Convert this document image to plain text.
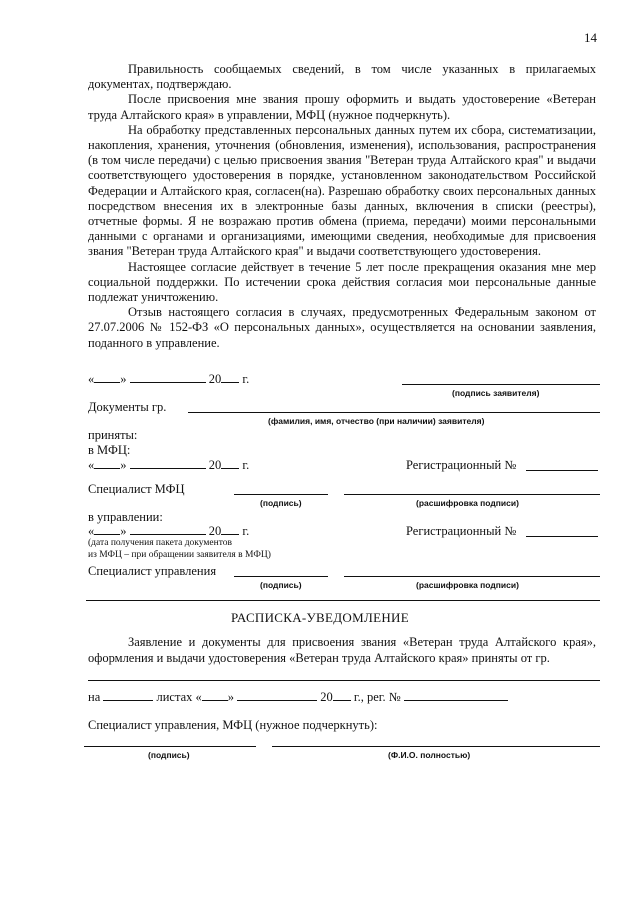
14

Правильность сообщаемых сведений, в том числе указанных в прилагаемых документах, подтверждаю.

После присвоения мне звания прошу оформить и выдать удостоверение «Ветеран труда Алтайского края» в управлении, МФЦ (нужное подчеркнуть).

На обработку представленных персональных данных путем их сбора, систематизации, накопления, хранения, уточнения (обновления, изменения), использования, распространения (в том числе передачи) с целью присвоения звания "Ветеран труда Алтайского края" и выдачи соответствующего удостоверения в порядке, установленном законодательством Российской Федерации и Алтайского края, согласен(на). Разрешаю обработку своих персональных данных посредством внесения их в электронные базы данных, включения в списки (реестры), отчетные формы. Я не возражаю против обмена (приема, передачи) моими персональными данными с органами и организациями, имеющими сведения, необходимые для присвоения звания "Ветеран труда Алтайского края" и выдачи соответствующего удостоверения.

Настоящее согласие действует в течение 5 лет после прекращения оказания мне мер социальной поддержки. По истечении срока действия согласия мои персональные данные подлежат уничтожению.

Отзыв настоящего согласия в случаях, предусмотренных Федеральным законом от 27.07.2006 № 152-ФЗ «О персональных данных», осуществляется на основании заявления, поданного в управление.

« »	20 г.
(подпись заявителя)
Документы гр.
(фамилия, имя, отчество (при наличии) заявителя)
приняты:
в МФЦ:
« »	20 г.	Регистрационный №
Специалист МФЦ
(подпись)	(расшифровка подписи)
в управлении:
« »	20 г.	Регистрационный №
(дата получения пакета документов
из МФЦ – при обращении заявителя в МФЦ)
Специалист управления
(подпись)	(расшифровка подписи)
РАСПИСКА-УВЕДОМЛЕНИЕ

Заявление и документы для присвоения звания «Ветеран труда Алтайского края», оформления и выдачи удостоверения «Ветеран труда Алтайского края» приняты от гр.

на	листах « »	20 г., рег. №
Специалист управления, МФЦ (нужное подчеркнуть):
(подпись)	(Ф.И.О. полностью)
